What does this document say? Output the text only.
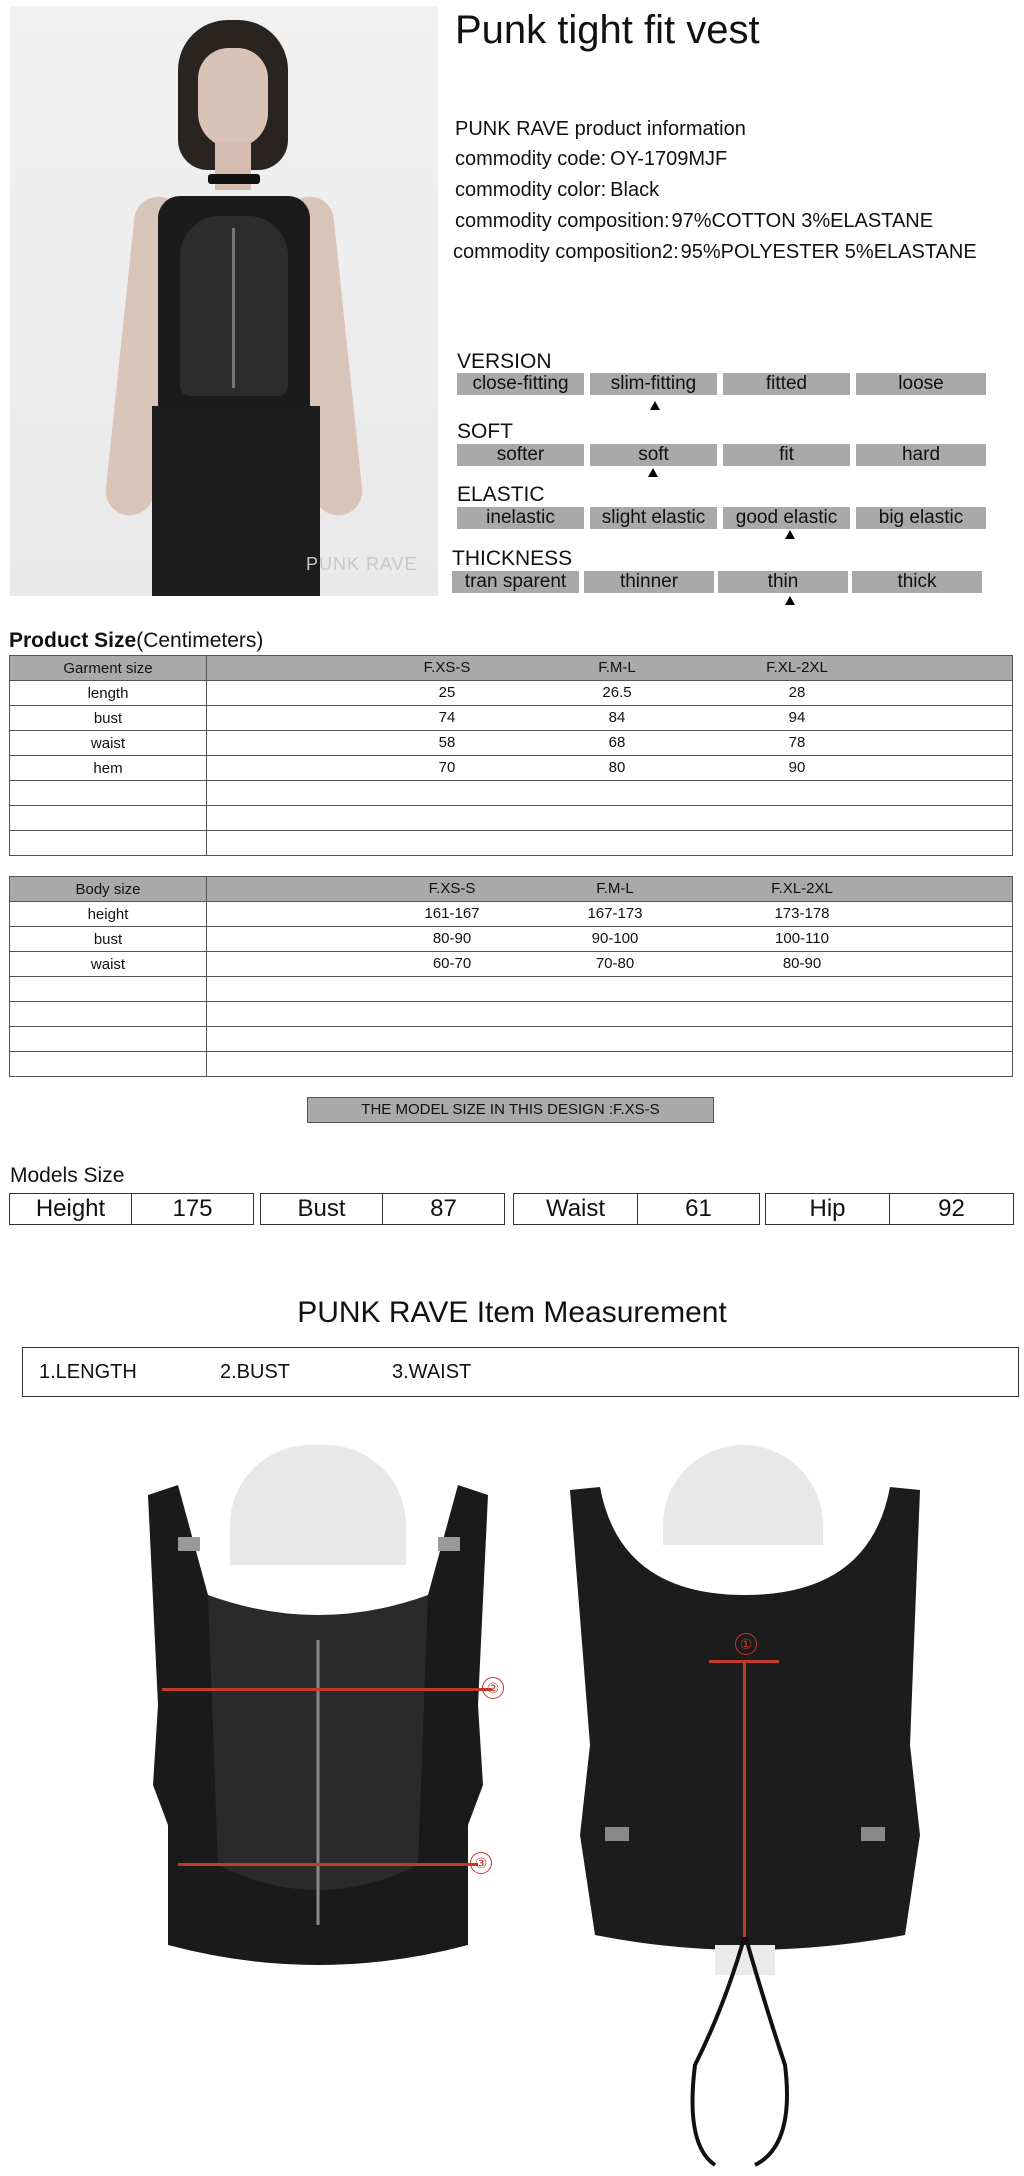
PUNK RAVE
Punk tight fit vest
PUNK RAVE product information
commodity code: OY-1709MJF
commodity color: Black
commodity composition: 97%COTTON 3%ELASTANE
commodity composition2: 95%POLYESTER 5%ELASTANE
VERSION
close-fitting	slim-fitting	fitted	loose
SOFT
softer	soft	fit	hard
ELASTIC
inelastic	slight elastic	good elastic	big elastic
THICKNESS
tran sparent	thinner	thin	thick
Product Size(Centimeters)
Garment size	F.XS-S F.M-L F.XL-2XL

length	25 26.5 28

bust	74 84 94

waist	58 68 78

hem	70 80 90

Body size	F.XS-S F.M-L F.XL-2XL

height	161-167 167-173 173-178

bust	80-90 90-100 100-110

waist	60-70 70-80 80-90

THE MODEL SIZE IN THIS DESIGN :F.XS-S
Models Size
Height	175	Bust	87	Waist	61	Hip	92
PUNK RAVE Item Measurement
1.LENGTH	2.BUST	3.WAIST
②
③
①
